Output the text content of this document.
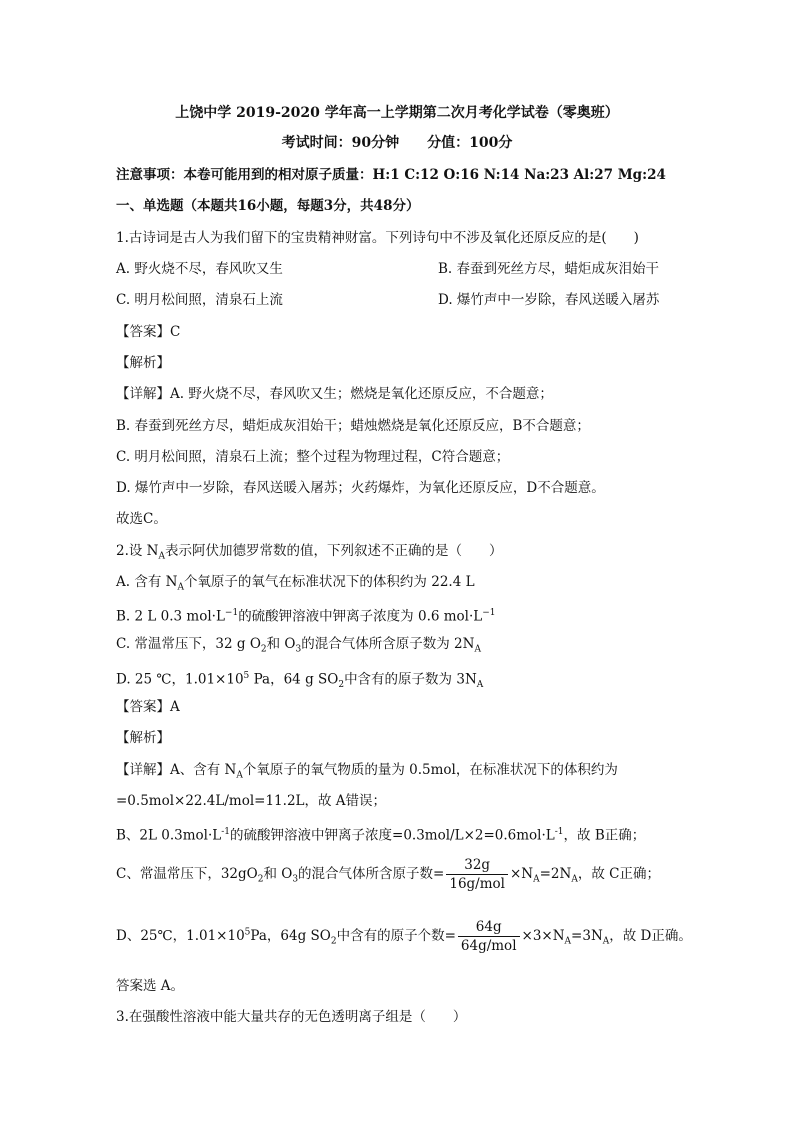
上饶中学 2019-2020 学年高一上学期第二次月考化学试卷（零奥班）
考试时间：90分钟　　分值：100分
注意事项：本卷可能用到的相对原子质量：H:1 C:12 O:16 N:14 Na:23 Al:27 Mg:24
一、单选题（本题共16小题，每题3分，共48分）
1.古诗词是古人为我们留下的宝贵精神财富。下列诗句中不涉及氧化还原反应的是(　　)
A. 野火烧不尽，春风吹又生	B. 春蚕到死丝方尽，蜡炬成灰泪始干
C. 明月松间照，清泉石上流	D. 爆竹声中一岁除，春风送暖入屠苏
【答案】C
【解析】
【详解】A. 野火烧不尽，春风吹又生；燃烧是氧化还原反应，不合题意；
B. 春蚕到死丝方尽，蜡炬成灰泪始干；蜡烛燃烧是氧化还原反应，B不合题意；
C. 明月松间照，清泉石上流；整个过程为物理过程，C符合题意；
D. 爆竹声中一岁除，春风送暖入屠苏；火药爆炸，为氧化还原反应，D不合题意。
故选C。
2.设 $N_A$表示阿伏加德罗常数的值，下列叙述不正确的是（　　）
A. 含有 $N_A$个氧原子的氧气在标准状况下的体积约为 22.4 L
B. 2 L 0.3 $mol\cdot L^{-1}$的硫酸钾溶液中钾离子浓度为 0.6 $mol\cdot L^{-1}$
C. 常温常压下，32 g $O_2$和 $O_3$的混合气体所含原子数为 $2N_A$
D. 25 ℃，$1.01\times 10^5$ Pa，64 g $SO_2$中含有的原子数为 $3N_A$
【答案】A
【解析】
【详解】A、含有 $N_A$个氧原子的氧气物质的量为 0.5mol，在标准状况下的体积约为
=0.5mol×22.4L/mol=11.2L，故 A错误；
B、2L $0.3mol\cdot L^{-1}$的硫酸钾溶液中钾离子浓度$=0.3mol/L\times 2=0.6mol\cdot L^{-1}$，故 B正确；
C、常温常压下，$32gO_2$和 $O_3$的混合气体所含原子数= $\frac{32g}{\text{16g/mol}} \times N_A=2N_A$，故 C正确；
D、25℃，$1.01\times 10^5Pa$，64g $SO_2$中含有的原子个数= $\frac{64g}{\text{64g/mol}} \times 3\times N_A=3N_A$，故 D正确。
答案选 A。
3.在强酸性溶液中能大量共存的无色透明离子组是（　　）
